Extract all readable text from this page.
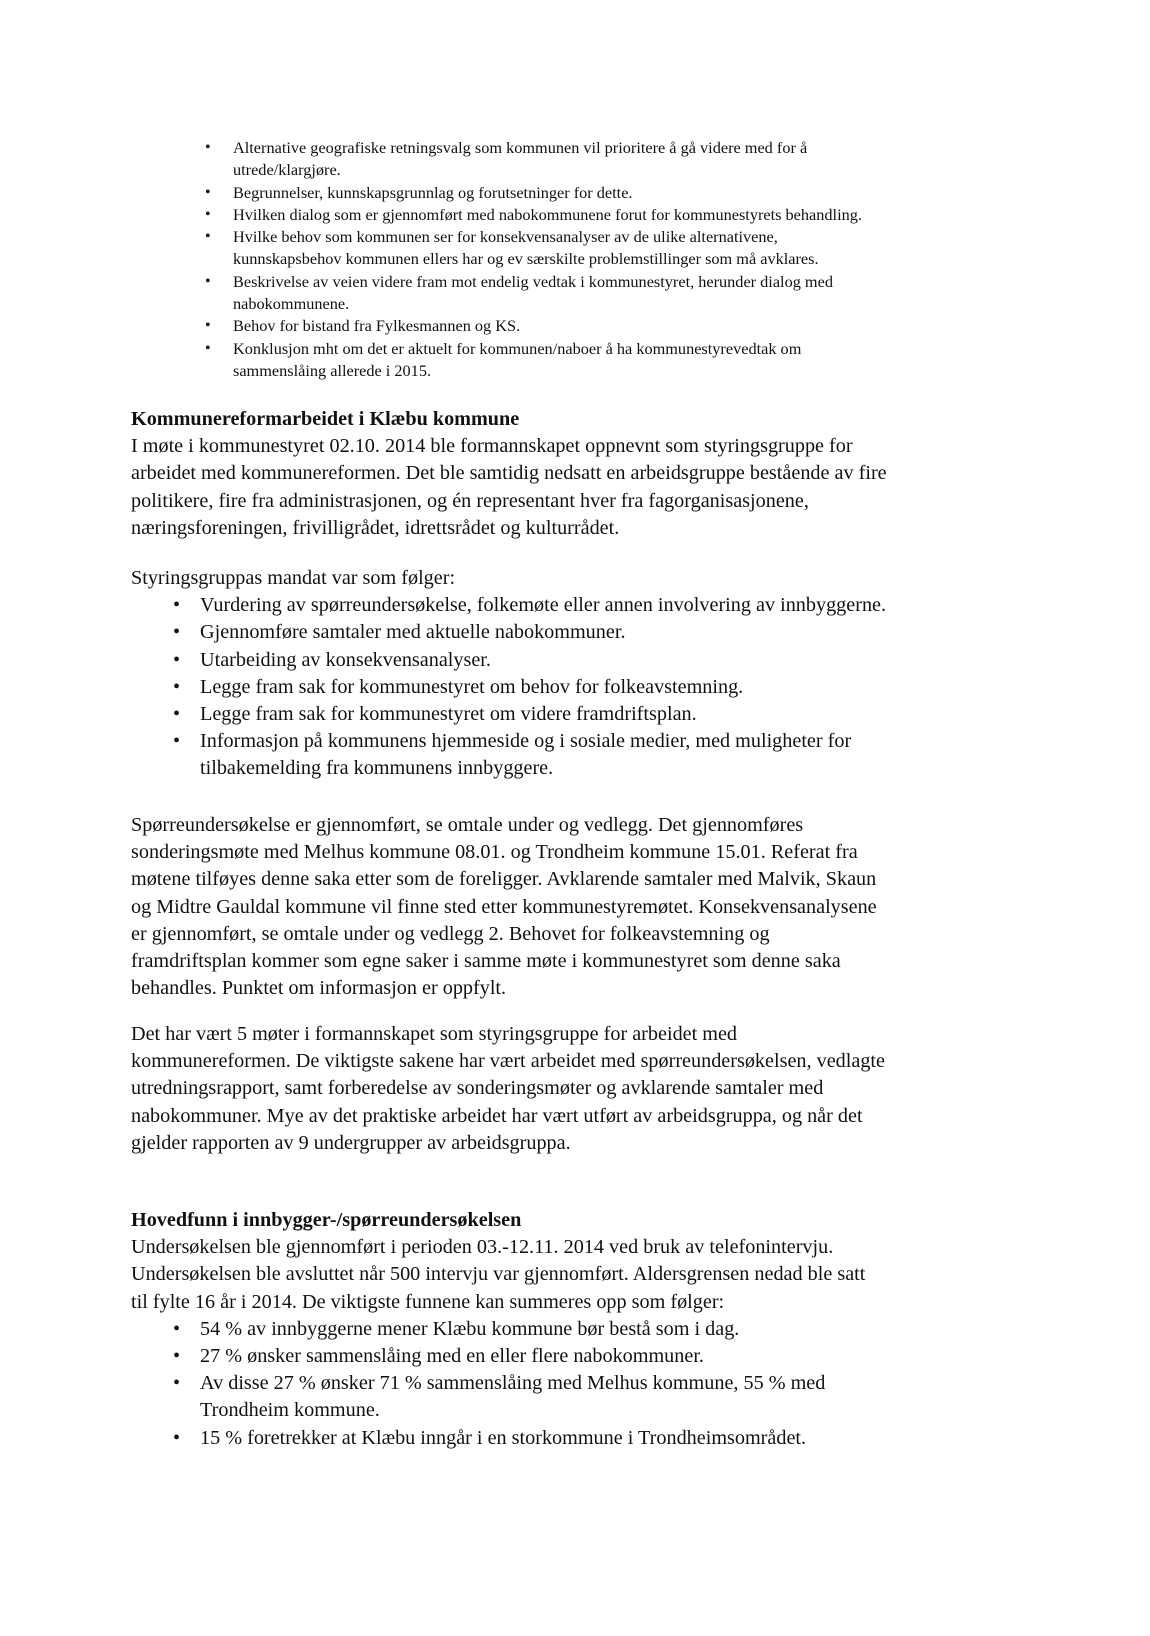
• Alternative geografiske retningsvalg som kommunen vil prioritere å gå videre med for å
utrede/klargjøre.
• Begrunnelser, kunnskapsgrunnlag og forutsetninger for dette.
• Hvilken dialog som er gjennomført med nabokommunene forut for kommunestyrets behandling.
• Hvilke behov som kommunen ser for konsekvensanalyser av de ulike alternativene,
kunnskapsbehov kommunen ellers har og ev særskilte problemstillinger som må avklares.
• Beskrivelse av veien videre fram mot endelig vedtak i kommunestyret, herunder dialog med
nabokommunene.
• Behov for bistand fra Fylkesmannen og KS.
• Konklusjon mht om det er aktuelt for kommunen/naboer å ha kommunestyrevedtak om
sammenslåing allerede i 2015.
Kommunereformarbeidet i Klæbu kommune

I møte i kommunestyret 02.10. 2014 ble formannskapet oppnevnt som styringsgruppe for
arbeidet med kommunereformen. Det ble samtidig nedsatt en arbeidsgruppe bestående av fire
politikere, fire fra administrasjonen, og én representant hver fra fagorganisasjonene,
næringsforeningen, frivilligrådet, idrettsrådet og kulturrådet.

Styringsgruppas mandat var som følger:

• Vurdering av spørreundersøkelse, folkemøte eller annen involvering av innbyggerne.
• Gjennomføre samtaler med aktuelle nabokommuner.
• Utarbeiding av konsekvensanalyser.
• Legge fram sak for kommunestyret om behov for folkeavstemning.
• Legge fram sak for kommunestyret om videre framdriftsplan.
• Informasjon på kommunens hjemmeside og i sosiale medier, med muligheter for
tilbakemelding fra kommunens innbyggere.

Spørreundersøkelse er gjennomført, se omtale under og vedlegg. Det gjennomføres
sonderingsmøte med Melhus kommune 08.01. og Trondheim kommune 15.01. Referat fra
møtene tilføyes denne saka etter som de foreligger. Avklarende samtaler med Malvik, Skaun
og Midtre Gauldal kommune vil finne sted etter kommunestyremøtet. Konsekvensanalysene
er gjennomført, se omtale under og vedlegg 2. Behovet for folkeavstemning og
framdriftsplan kommer som egne saker i samme møte i kommunestyret som denne saka
behandles. Punktet om informasjon er oppfylt.

Det har vært 5 møter i formannskapet som styringsgruppe for arbeidet med
kommunereformen. De viktigste sakene har vært arbeidet med spørreundersøkelsen, vedlagte
utredningsrapport, samt forberedelse av sonderingsmøter og avklarende samtaler med
nabokommuner. Mye av det praktiske arbeidet har vært utført av arbeidsgruppa, og når det
gjelder rapporten av 9 undergrupper av arbeidsgruppa.

Hovedfunn i innbygger-/spørreundersøkelsen

Undersøkelsen ble gjennomført i perioden 03.-12.11. 2014 ved bruk av telefonintervju.
Undersøkelsen ble avsluttet når 500 intervju var gjennomført. Aldersgrensen nedad ble satt
til fylte 16 år i 2014. De viktigste funnene kan summeres opp som følger:

• 54 % av innbyggerne mener Klæbu kommune bør bestå som i dag.
• 27 % ønsker sammenslåing med en eller flere nabokommuner.
• Av disse 27 % ønsker 71 % sammenslåing med Melhus kommune, 55 % med
Trondheim kommune.
• 15 % foretrekker at Klæbu inngår i en storkommune i Trondheimsområdet.
